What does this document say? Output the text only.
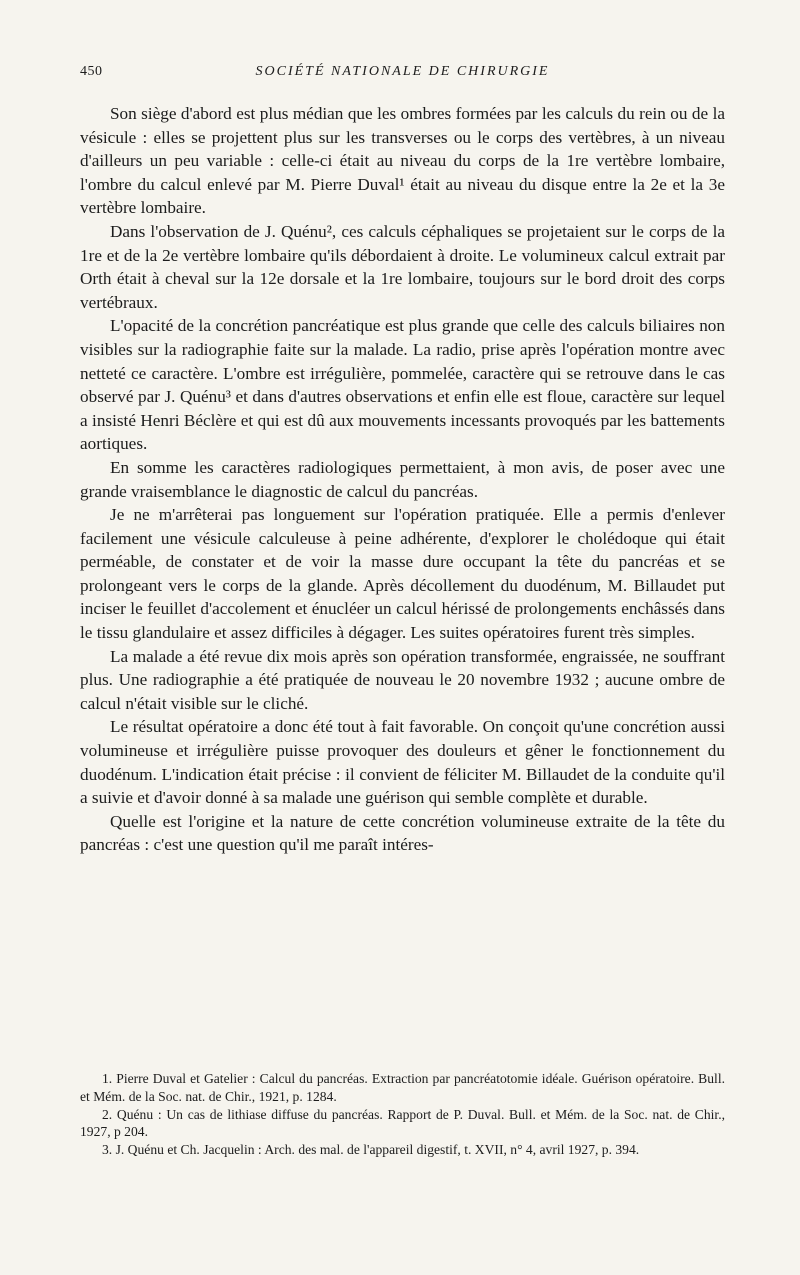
450	SOCIÉTÉ NATIONALE DE CHIRURGIE

Son siège d'abord est plus médian que les ombres formées par les calculs du rein ou de la vésicule : elles se projettent plus sur les transverses ou le corps des vertèbres, à un niveau d'ailleurs un peu variable : celle-ci était au niveau du corps de la 1re vertèbre lombaire, l'ombre du calcul enlevé par M. Pierre Duval¹ était au niveau du disque entre la 2e et la 3e vertèbre lombaire.

Dans l'observation de J. Quénu², ces calculs céphaliques se projetaient sur le corps de la 1re et de la 2e vertèbre lombaire qu'ils débordaient à droite. Le volumineux calcul extrait par Orth était à cheval sur la 12e dorsale et la 1re lombaire, toujours sur le bord droit des corps vertébraux.

L'opacité de la concrétion pancréatique est plus grande que celle des calculs biliaires non visibles sur la radiographie faite sur la malade. La radio, prise après l'opération montre avec netteté ce caractère. L'ombre est irrégulière, pommelée, caractère qui se retrouve dans le cas observé par J. Quénu³ et dans d'autres observations et enfin elle est floue, caractère sur lequel a insisté Henri Béclère et qui est dû aux mouvements incessants provoqués par les battements aortiques.

En somme les caractères radiologiques permettaient, à mon avis, de poser avec une grande vraisemblance le diagnostic de calcul du pancréas.

Je ne m'arrêterai pas longuement sur l'opération pratiquée. Elle a permis d'enlever facilement une vésicule calculeuse à peine adhérente, d'explorer le cholédoque qui était perméable, de constater et de voir la masse dure occupant la tête du pancréas et se prolongeant vers le corps de la glande. Après décollement du duodénum, M. Billaudet put inciser le feuillet d'accolement et énucléer un calcul hérissé de prolongements enchâssés dans le tissu glandulaire et assez difficiles à dégager. Les suites opératoires furent très simples.

La malade a été revue dix mois après son opération transformée, engraissée, ne souffrant plus. Une radiographie a été pratiquée de nouveau le 20 novembre 1932 ; aucune ombre de calcul n'était visible sur le cliché.

Le résultat opératoire a donc été tout à fait favorable. On conçoit qu'une concrétion aussi volumineuse et irrégulière puisse provoquer des douleurs et gêner le fonctionnement du duodénum. L'indication était précise : il convient de féliciter M. Billaudet de la conduite qu'il a suivie et d'avoir donné à sa malade une guérison qui semble complète et durable.

Quelle est l'origine et la nature de cette concrétion volumineuse extraite de la tête du pancréas : c'est une question qu'il me paraît intéres-

1. Pierre Duval et Gatelier : Calcul du pancréas. Extraction par pancréatotomie idéale. Guérison opératoire. Bull. et Mém. de la Soc. nat. de Chir., 1921, p. 1284.

2. Quénu : Un cas de lithiase diffuse du pancréas. Rapport de P. Duval. Bull. et Mém. de la Soc. nat. de Chir., 1927, p 204.

3. J. Quénu et Ch. Jacquelin : Arch. des mal. de l'appareil digestif, t. XVII, n° 4, avril 1927, p. 394.
